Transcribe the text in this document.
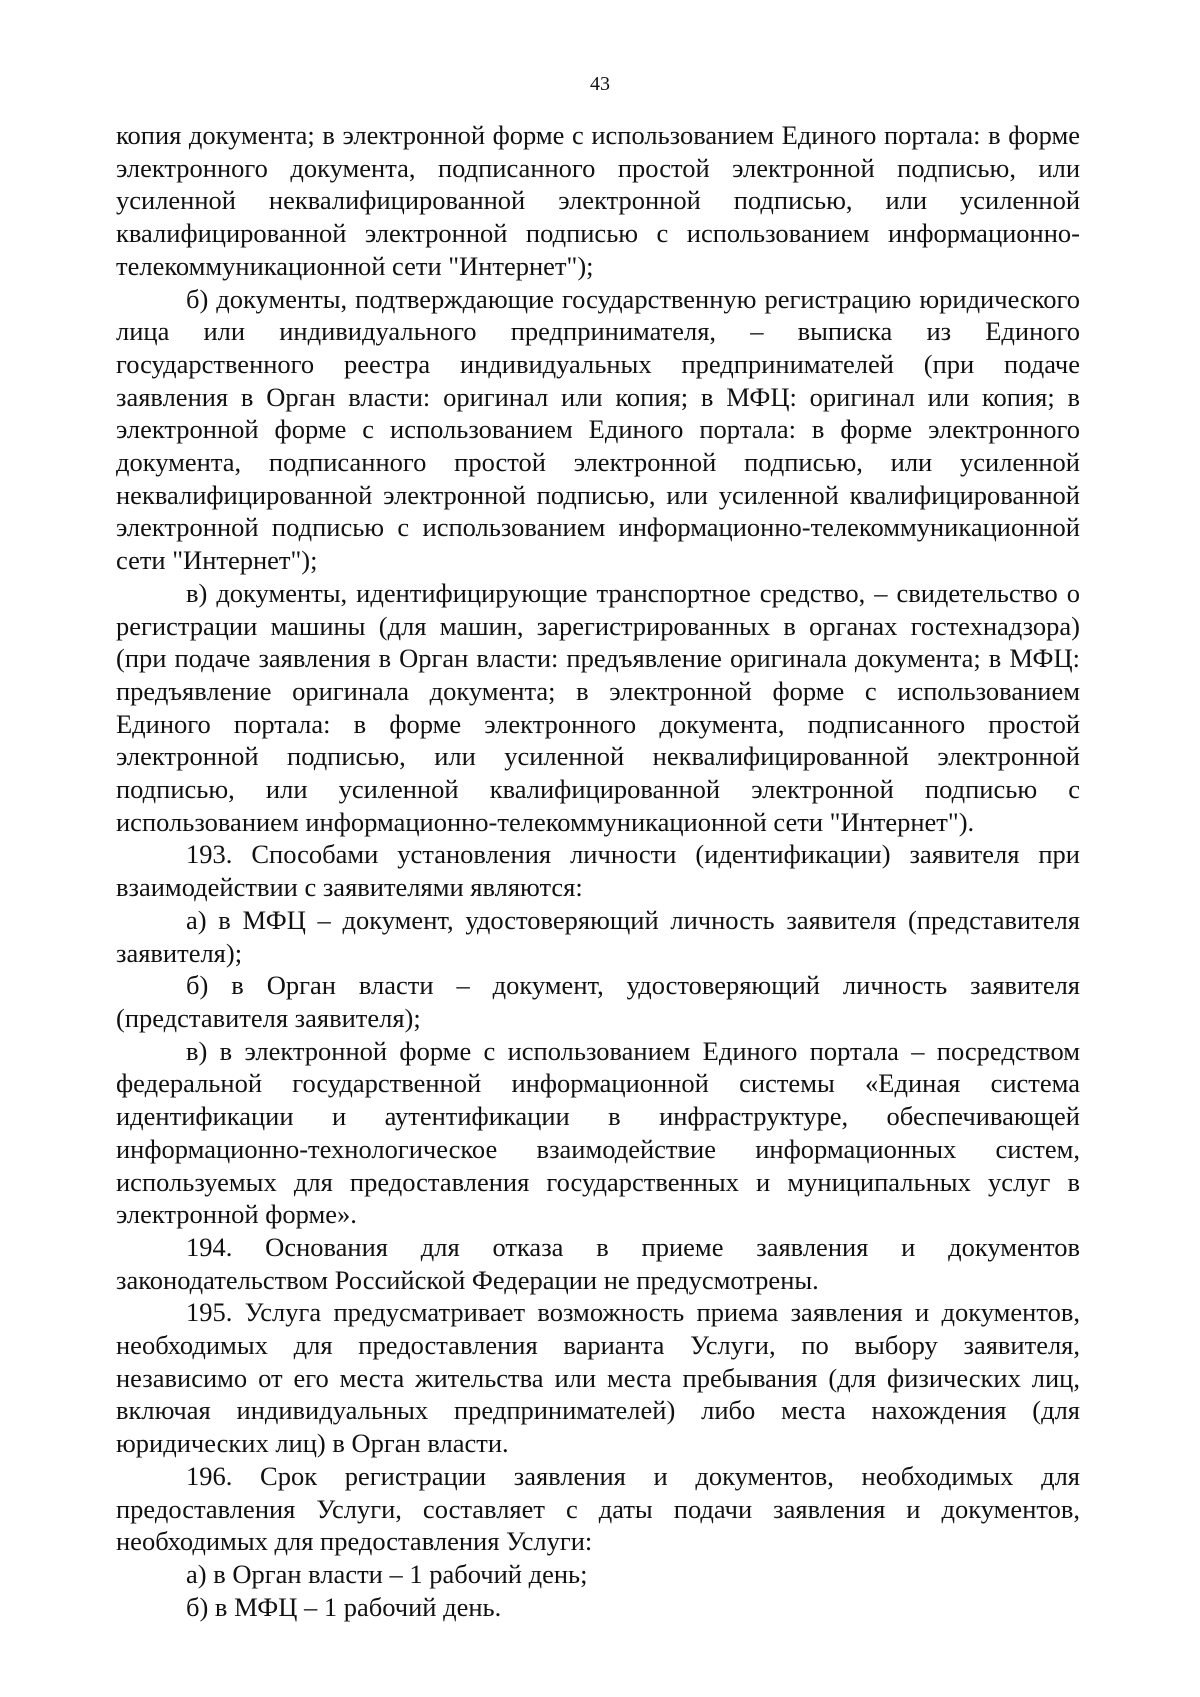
43

копия документа; в электронной форме с использованием Единого портала: в форме электронного документа, подписанного простой электронной подписью, или усиленной неквалифицированной электронной подписью, или усиленной квалифицированной электронной подписью с использованием информационно-телекоммуникационной сети "Интернет");

б) документы, подтверждающие государственную регистрацию юридического лица или индивидуального предпринимателя, – выписка из Единого государственного реестра индивидуальных предпринимателей (при подаче заявления в Орган власти: оригинал или копия; в МФЦ: оригинал или копия; в электронной форме с использованием Единого портала: в форме электронного документа, подписанного простой электронной подписью, или усиленной неквалифицированной электронной подписью, или усиленной квалифицированной электронной подписью с использованием информационно-телекоммуникационной сети "Интернет");

в) документы, идентифицирующие транспортное средство, – свидетельство о регистрации машины (для машин, зарегистрированных в органах гостехнадзора) (при подаче заявления в Орган власти: предъявление оригинала документа; в МФЦ: предъявление оригинала документа; в электронной форме с использованием Единого портала: в форме электронного документа, подписанного простой электронной подписью, или усиленной неквалифицированной электронной подписью, или усиленной квалифицированной электронной подписью с использованием информационно-телекоммуникационной сети "Интернет").

193. Способами установления личности (идентификации) заявителя при взаимодействии с заявителями являются:

а) в МФЦ – документ, удостоверяющий личность заявителя (представителя заявителя);

б) в Орган власти – документ, удостоверяющий личность заявителя (представителя заявителя);

в) в электронной форме с использованием Единого портала – посредством федеральной государственной информационной системы «Единая система идентификации и аутентификации в инфраструктуре, обеспечивающей информационно-технологическое взаимодействие информационных систем, используемых для предоставления государственных и муниципальных услуг в электронной форме».

194. Основания для отказа в приеме заявления и документов законодательством Российской Федерации не предусмотрены.

195. Услуга предусматривает возможность приема заявления и документов, необходимых для предоставления варианта Услуги, по выбору заявителя, независимо от его места жительства или места пребывания (для физических лиц, включая индивидуальных предпринимателей) либо места нахождения (для юридических лиц) в Орган власти.

196. Срок регистрации заявления и документов, необходимых для предоставления Услуги, составляет с даты подачи заявления и документов, необходимых для предоставления Услуги:

а) в Орган власти – 1 рабочий день;

б) в МФЦ – 1 рабочий день.
